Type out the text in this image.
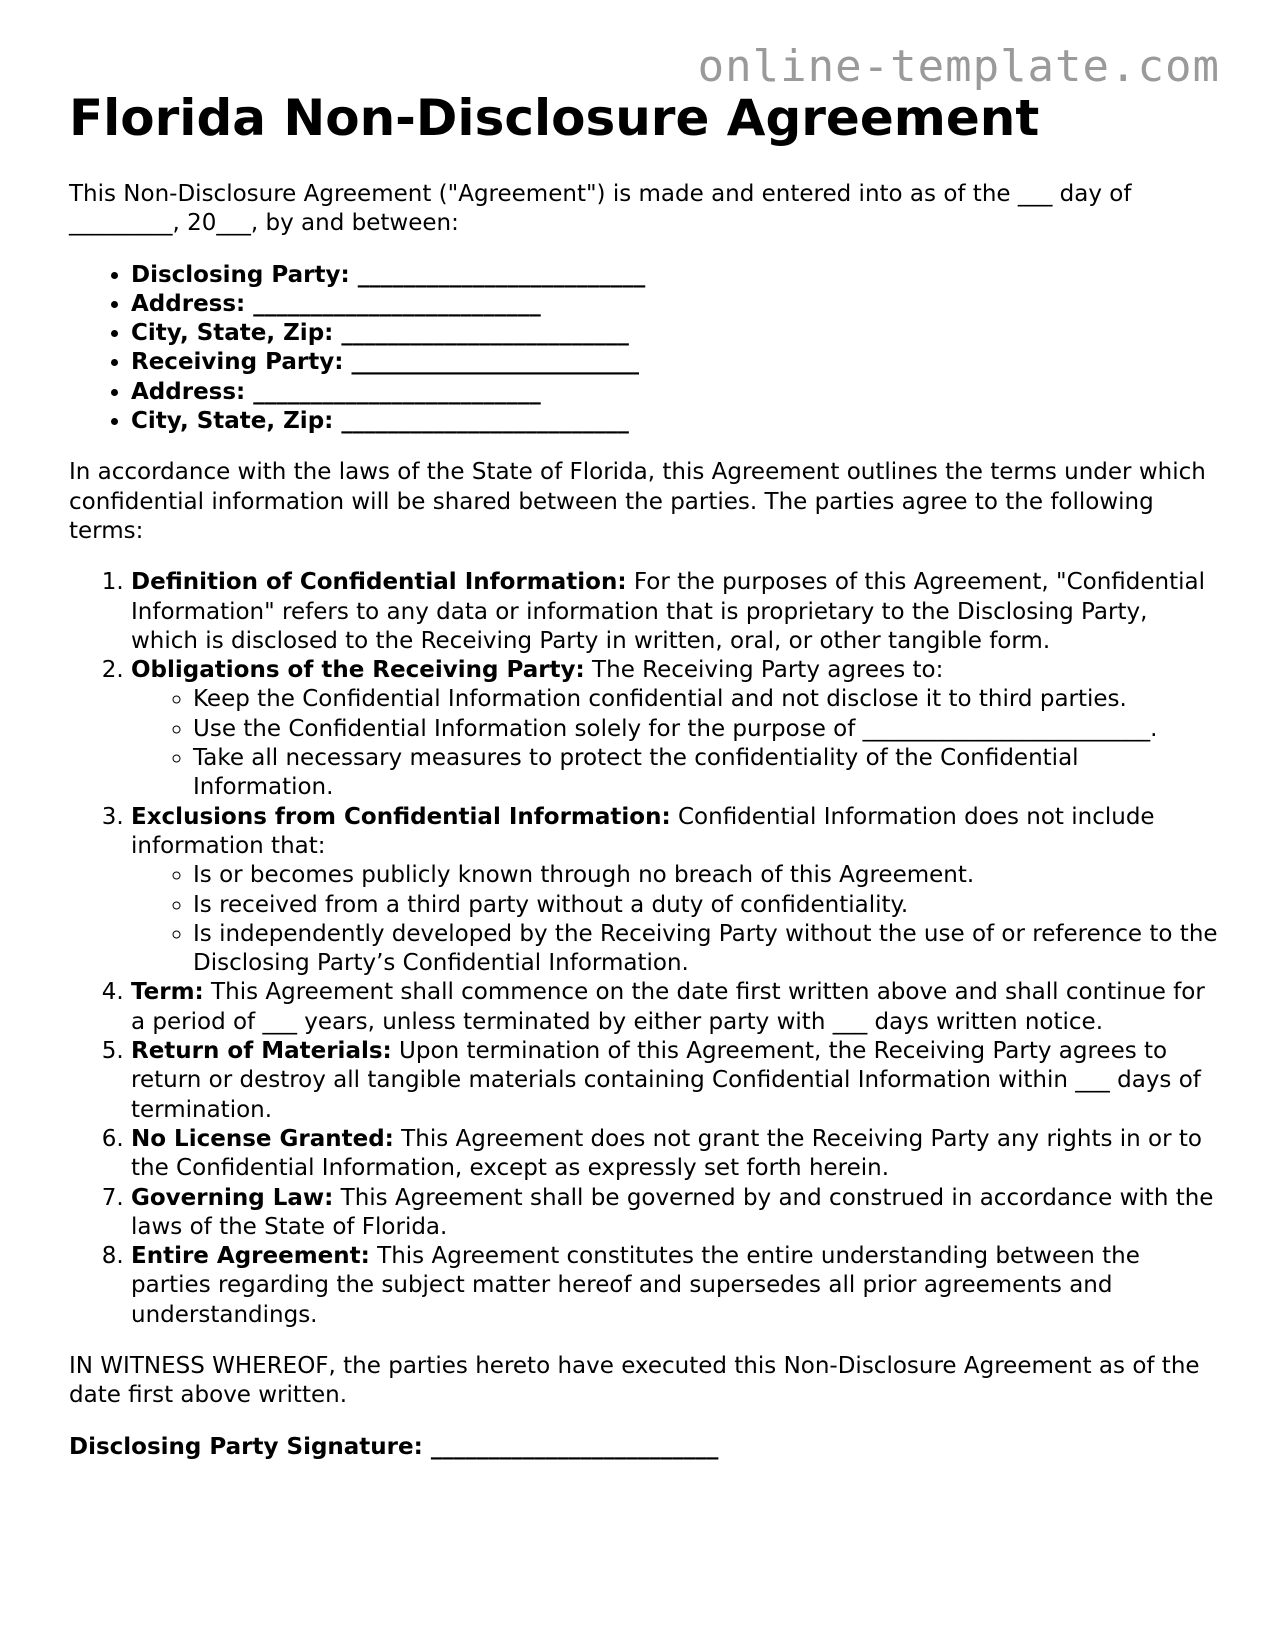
online-template.com
Florida Non-Disclosure Agreement

This Non-Disclosure Agreement ("Agreement") is made and entered into as of the ___ day of _________, 20___, by and between:

• Disclosing Party: _________________________
• Address: _________________________
• City, State, Zip: _________________________
• Receiving Party: _________________________
• Address: _________________________
• City, State, Zip: _________________________

In accordance with the laws of the State of Florida, this Agreement outlines the terms under which confidential information will be shared between the parties. The parties agree to the following terms:

1. Definition of Confidential Information: For the purposes of this Agreement, "Confidential Information" refers to any data or information that is proprietary to the Disclosing Party, which is disclosed to the Receiving Party in written, oral, or other tangible form.
2. Obligations of the Receiving Party: The Receiving Party agrees to:
◦ Keep the Confidential Information confidential and not disclose it to third parties.
◦ Use the Confidential Information solely for the purpose of _________________________.
◦ Take all necessary measures to protect the confidentiality of the Confidential Information.
3. Exclusions from Confidential Information: Confidential Information does not include information that:
◦ Is or becomes publicly known through no breach of this Agreement.
◦ Is received from a third party without a duty of confidentiality.
◦ Is independently developed by the Receiving Party without the use of or reference to the Disclosing Party’s Confidential Information.
4. Term: This Agreement shall commence on the date first written above and shall continue for a period of ___ years, unless terminated by either party with ___ days written notice.
5. Return of Materials: Upon termination of this Agreement, the Receiving Party agrees to return or destroy all tangible materials containing Confidential Information within ___ days of termination.
6. No License Granted: This Agreement does not grant the Receiving Party any rights in or to the Confidential Information, except as expressly set forth herein.
7. Governing Law: This Agreement shall be governed by and construed in accordance with the laws of the State of Florida.
8. Entire Agreement: This Agreement constitutes the entire understanding between the parties regarding the subject matter hereof and supersedes all prior agreements and understandings.

IN WITNESS WHEREOF, the parties hereto have executed this Non-Disclosure Agreement as of the date first above written.

Disclosing Party Signature: _________________________
